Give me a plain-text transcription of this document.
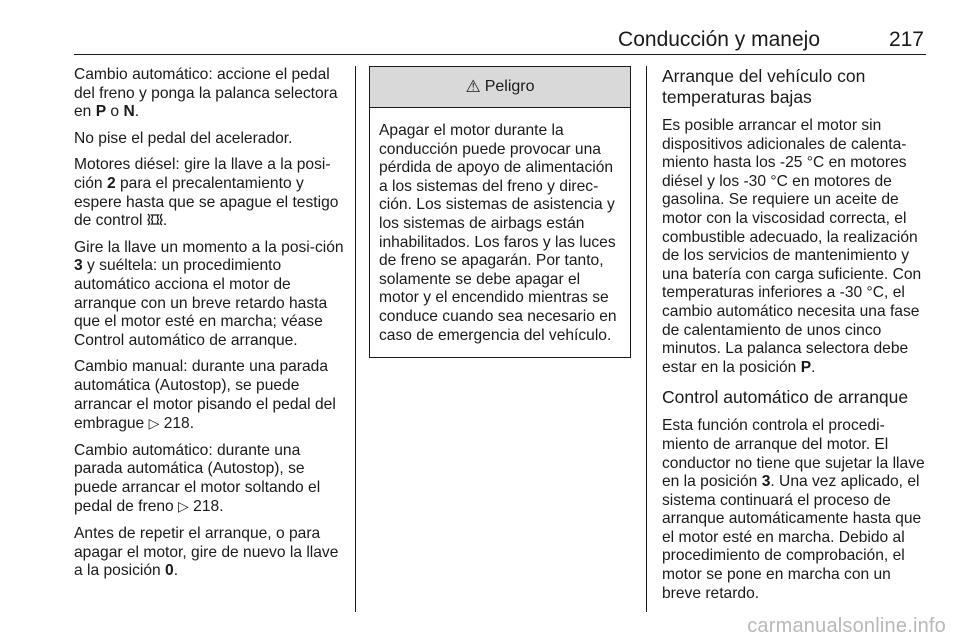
Conducción y manejo	217

Cambio automático: accione el pedal del freno y ponga la palanca selectora en P o N.

No pise el pedal del acelerador.

Motores diésel: gire la llave a la posi-ción 2 para el precalentamiento y espere hasta que se apague el testigo de control .

Gire la llave un momento a la posi-ción 3 y suéltela: un procedimiento automático acciona el motor de arranque con un breve retardo hasta que el motor esté en marcha; véase Control automático de arranque.

Cambio manual: durante una parada automática (Autostop), se puede arrancar el motor pisando el pedal del embrague ▷ 218.

Cambio automático: durante una parada automática (Autostop), se puede arrancar el motor soltando el pedal de freno ▷ 218.

Antes de repetir el arranque, o para apagar el motor, gire de nuevo la llave a la posición 0.

⚠ Peligro
Apagar el motor durante la conducción puede provocar una pérdida de apoyo de alimentación a los sistemas del freno y direc-ción. Los sistemas de asistencia y los sistemas de airbags están inhabilitados. Los faros y las luces de freno se apagarán. Por tanto, solamente se debe apagar el motor y el encendido mientras se conduce cuando sea necesario en caso de emergencia del vehículo.
Arranque del vehículo con temperaturas bajas

Es posible arrancar el motor sin dispositivos adicionales de calenta-miento hasta los -25 °C en motores diésel y los -30 °C en motores de gasolina. Se requiere un aceite de motor con la viscosidad correcta, el combustible adecuado, la realización de los servicios de mantenimiento y una batería con carga suficiente. Con temperaturas inferiores a -30 °C, el cambio automático necesita una fase de calentamiento de unos cinco minutos. La palanca selectora debe estar en la posición P.

Control automático de arranque

Esta función controla el procedi-miento de arranque del motor. El conductor no tiene que sujetar la llave en la posición 3. Una vez aplicado, el sistema continuará el proceso de arranque automáticamente hasta que el motor esté en marcha. Debido al procedimiento de comprobación, el motor se pone en marcha con un breve retardo.

carmanualsonline.info
